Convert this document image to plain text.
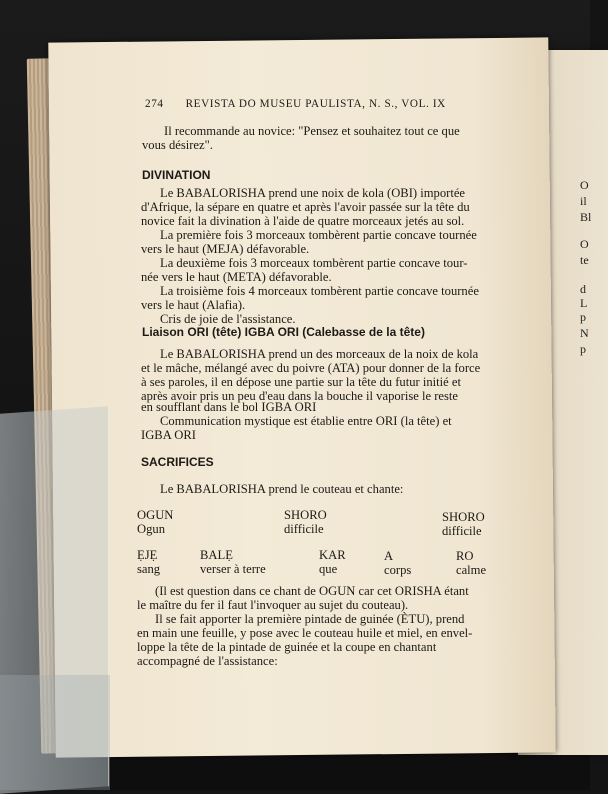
O
il
Bl
O
te
d
L
p
N
p
274 REVISTA DO MUSEU PAULISTA, N. S., VOL. IX
Il recommande au novice: "Pensez et souhaitez tout ce que
vous désirez".
DIVINATION
Le BABALORISHA prend une noix de kola (OBI) importée
d'Afrique, la sépare en quatre et après l'avoir passée sur la tête du
novice fait la divination à l'aide de quatre morceaux jetés au sol.
La première fois 3 morceaux tombèrent partie concave tournée
vers le haut (MEJA) défavorable.
La deuxième fois 3 morceaux tombèrent partie concave tour-
née vers le haut (META) défavorable.
La troisième fois 4 morceaux tombèrent partie concave tournée
vers le haut (Alafia).
Cris de joie de l'assistance.
Liaison ORI (tête) IGBA ORI (Calebasse de la tête)
Le BABALORISHA prend un des morceaux de la noix de kola
et le mâche, mélangé avec du poivre (ATA) pour donner de la force
à ses paroles, il en dépose une partie sur la tête du futur initié et
après avoir pris un peu d'eau dans la bouche il vaporise le reste
en soufflant dans le bol IGBA ORI
Communication mystique est établie entre ORI (la tête) et
IGBA ORI
SACRIFICES
Le BABALORISHA prend le couteau et chante:
OGUN
Ogun
SHORO
difficile
SHORO
difficile
ẸJẸ
sang
BALẸ
verser à terre
KAR
que
A
corps
RO
calme
(Il est question dans ce chant de OGUN car cet ORISHA étant
le maître du fer il faut l'invoquer au sujet du couteau).
Il se fait apporter la première pintade de guinée (ÈTU), prend
en main une feuille, y pose avec le couteau huile et miel, en envel-
loppe la tête de la pintade de guinée et la coupe en chantant
accompagné de l'assistance:
